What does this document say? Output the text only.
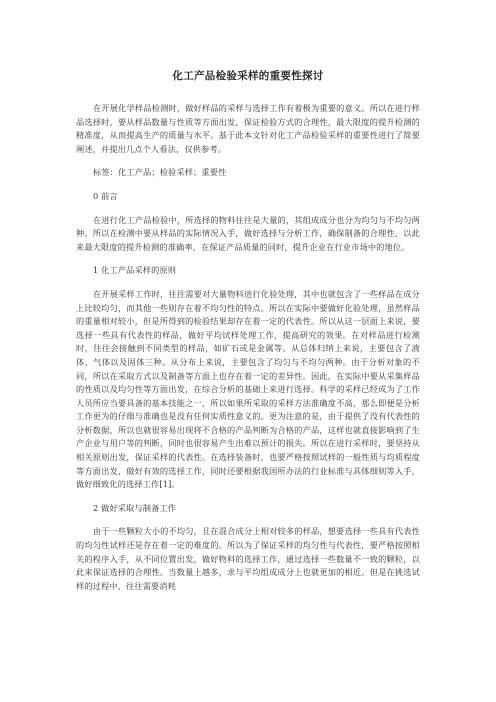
化工产品检验采样的重要性探讨

在开展化学样品检测时，做好样品的采样与选择工作有着极为重要的意义。所以在进行样品选择时，要从样品数量与性质等方面出发，保证检验方式的合理性，最大限度的提升检测的精准度，从而提高生产的质量与水平。基于此本文针对化工产品检验采样的重要性进行了简要阐述，并提出几点个人看法，仅供参考。

标签：化工产品；检验采样；重要性

0 前言

在进行化工产品检验中，所选择的物料往往是大量的，其组成成分也分为均匀与不均匀两种。所以在检测中要从样品的实际情况入手，做好选择与分析工作，确保制备的合理性，以此来最大限度的提升检测的准确率，在保证产品质量的同时，提升企业在行业市场中的地位。

1 化工产品采样的原则

在开展采样工作时，往往需要对大量物料进行化验处理，其中也就包含了一些样品在成分上比较均匀，而其他一些则存在着不均匀性的特点。所以在实际中要做好化验处理，虽然样品的重量相对较小，但是所得到的检验结果却存在着一定的代表性。所以从这一层面上来说，要选择一些具有代表性的样品，做好平均试样处理工作，提高研究的效果。在对样品进行检测时，往往会接触到不同类型的样品，如矿石或是金属等。从总体归纳上来说，主要包含了液体、气体以及固体三种。从分布上来说，主要包含了均匀与不均匀两种。由于分析对象的不同，所以在采取方式以及制备等方面上也存在着一定的差异性。因此，在实际中要从采集样品的性质以及均匀性等方面出发，在综合分析的基础上来进行选择。科学的采样已经成为了工作人员所应当要具备的基本技能之一，所以如果所采取的采样方法准确度不高，那么即便是分析工作更为的仔细与准确也是没有任何实质性意义的。更为注意的是，由于提供了没有代表性的分析数据，所以也就很容易出现将不合格的产品判断为合格的产品，这样也就直接影响到了生产企业与用户等的判断，同时也很容易产生出难以预计的损失。所以在进行采样时，要坚持从相关原则出发，保证采样的代表性。在选择装备时，也要严格按照试样的一般性质与均质程度等方面出发，做好有效的选择工作，同时还要根据我国所办法的行业标准与具体细则等入手，做好细致化的选择工作[1]。

2 做好采取与制备工作

由于一些颗粒大小的不均匀，且在混合成分上相对较多的样品，想要选择一些具有代表性的均匀性试样还是存在着一定的难度的。所以为了保证采样的均匀性与代表性，要严格按照相关的程序入手，从不同位置出发，做好物料的选择工作，通过选择一些数量不一致的颗粒，以此来保证选择的合理性。当数量上越多，求与平均组成成分上也就更加的相近。但是在挑选试样的过程中，往往需要消耗
